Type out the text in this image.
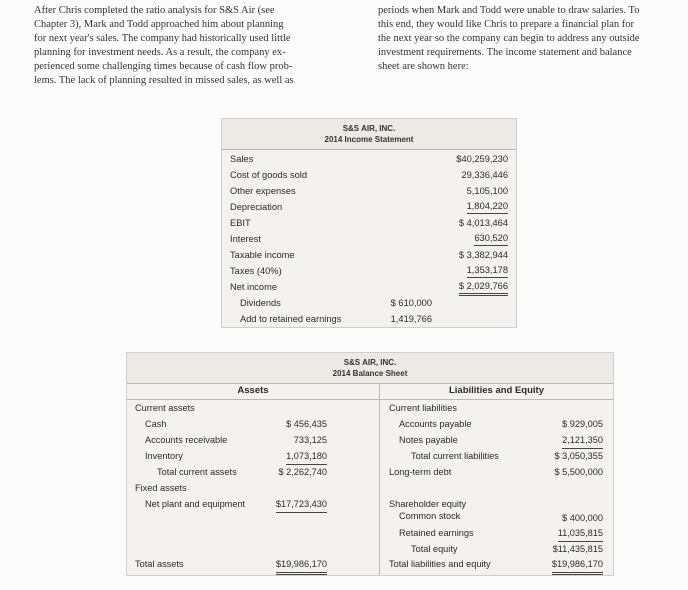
After Chris completed the ratio analysis for S&S Air (see
Chapter 3), Mark and Todd approached him about planning
for next year's sales. The company had historically used little
planning for investment needs. As a result, the company ex-
perienced some challenging times because of cash flow prob-
lems. The lack of planning resulted in missed sales, as well as
periods when Mark and Todd were unable to draw salaries. To
this end, they would like Chris to prepare a financial plan for
the next year so the company can begin to address any outside
investment requirements. The income statement and balance
sheet are shown here:
S&S AIR, INC.
2014 Income Statement
Sales	$40,259,230
Cost of goods sold	29,336,446
Other expenses	5,105,100
Depreciation	1,804,220
EBIT	$ 4,013,464
Interest	630,520
Taxable income	$ 3,382,944
Taxes (40%)	1,353,178
Net income	$ 2,029,766
Dividends	$ 610,000
Add to retained earnings	1,419,766
S&S AIR, INC.
2014 Balance Sheet
Assets	Liabilities and Equity
Current assets
Cash	$ 456,435
Accounts receivable	733,125
Inventory	1,073,180
Total current assets	$ 2,262,740
Fixed assets
Net plant and equipment	$17,723,430
Total assets	$19,986,170
Current liabilities
Accounts payable	$ 929,005
Notes payable	2,121,350
Total current liabilities	$ 3,050,355
Long-term debt	$ 5,500,000
Shareholder equity
Common stock	$ 400,000
Retained earnings	11,035,815
Total equity	$11,435,815
Total liabilities and equity	$19,986,170
